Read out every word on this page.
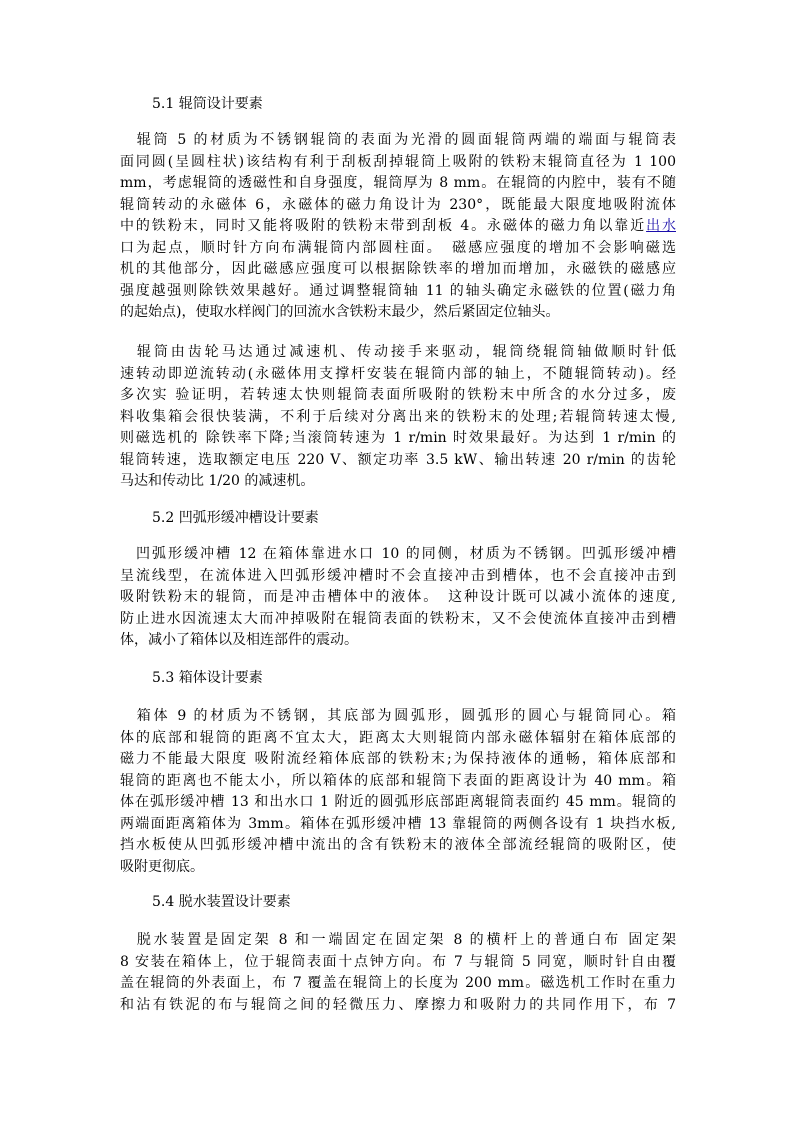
5.1 辊筒设计要素
　辊筒 5 的材质为不锈钢辊筒的表面为光滑的圆面辊筒两端的端面与辊筒表
面同圆(呈圆柱状)该结构有利于刮板刮掉辊筒上吸附的铁粉末辊筒直径为 1 100
mm，考虑辊筒的透磁性和自身强度，辊筒厚为 8 mm。在辊筒的内腔中，装有不随
辊筒转动的永磁体 6，永磁体的磁力角设计为 230°，既能最大限度地吸附流体
中的铁粉末，同时又能将吸附的铁粉末带到刮板 4。永磁体的磁力角以靠近出水
口为起点，顺时针方向布满辊筒内部圆柱面。　磁感应强度的增加不会影响磁选
机的其他部分，因此磁感应强度可以根据除铁率的增加而增加，永磁铁的磁感应
强度越强则除铁效果越好。通过调整辊筒轴 11 的轴头确定永磁铁的位置(磁力角
的起始点)，使取水样阀门的回流水含铁粉末最少，然后紧固定位轴头。
　辊筒由齿轮马达通过减速机、传动接手来驱动，辊筒绕辊筒轴做顺时针低
速转动即逆流转动(永磁体用支撑杆安装在辊筒内部的轴上，不随辊筒转动)。经
多次实 验证明，若转速太快则辊筒表面所吸附的铁粉末中所含的水分过多，废
料收集箱会很快装满，不利于后续对分离出来的铁粉末的处理;若辊筒转速太慢,
则磁选机的 除铁率下降;当滚筒转速为 1 r/min 时效果最好。为达到 1 r/min 的
辊筒转速，选取额定电压 220 V、额定功率 3.5 kW、输出转速 20 r/min 的齿轮
马达和传动比 1/20 的减速机。
5.2 凹弧形缓冲槽设计要素
　凹弧形缓冲槽 12 在箱体靠进水口 10 的同侧，材质为不锈钢。凹弧形缓冲槽
呈流线型，在流体进入凹弧形缓冲槽时不会直接冲击到槽体，也不会直接冲击到
吸附铁粉末的辊筒，而是冲击槽体中的液体。　这种设计既可以减小流体的速度,
防止进水因流速太大而冲掉吸附在辊筒表面的铁粉末，又不会使流体直接冲击到槽
体，减小了箱体以及相连部件的震动。
5.3 箱体设计要素
　箱体 9 的材质为不锈钢，其底部为圆弧形，圆弧形的圆心与辊筒同心。箱
体的底部和辊筒的距离不宜太大，距离太大则辊筒内部永磁体辐射在箱体底部的
磁力不能最大限度 吸附流经箱体底部的铁粉末;为保持液体的通畅，箱体底部和
辊筒的距离也不能太小，所以箱体的底部和辊筒下表面的距离设计为 40 mm。箱
体在弧形缓冲槽 13 和出水口 1 附近的圆弧形底部距离辊筒表面约 45 mm。辊筒的
两端面距离箱体为 3mm。箱体在弧形缓冲槽 13 靠辊筒的两侧各设有 1 块挡水板,
挡水板使从凹弧形缓冲槽中流出的含有铁粉末的液体全部流经辊筒的吸附区，使
吸附更彻底。
5.4 脱水装置设计要素
　脱水装置是固定架 8 和一端固定在固定架 8 的横杆上的普通白布 固定架
8 安装在箱体上，位于辊筒表面十点钟方向。布 7 与辊筒 5 同宽，顺时针自由覆
盖在辊筒的外表面上，布 7 覆盖在辊筒上的长度为 200 mm。磁选机工作时在重力
和沾有铁泥的布与辊筒之间的轻微压力、摩擦力和吸附力的共同作用下，布 7
